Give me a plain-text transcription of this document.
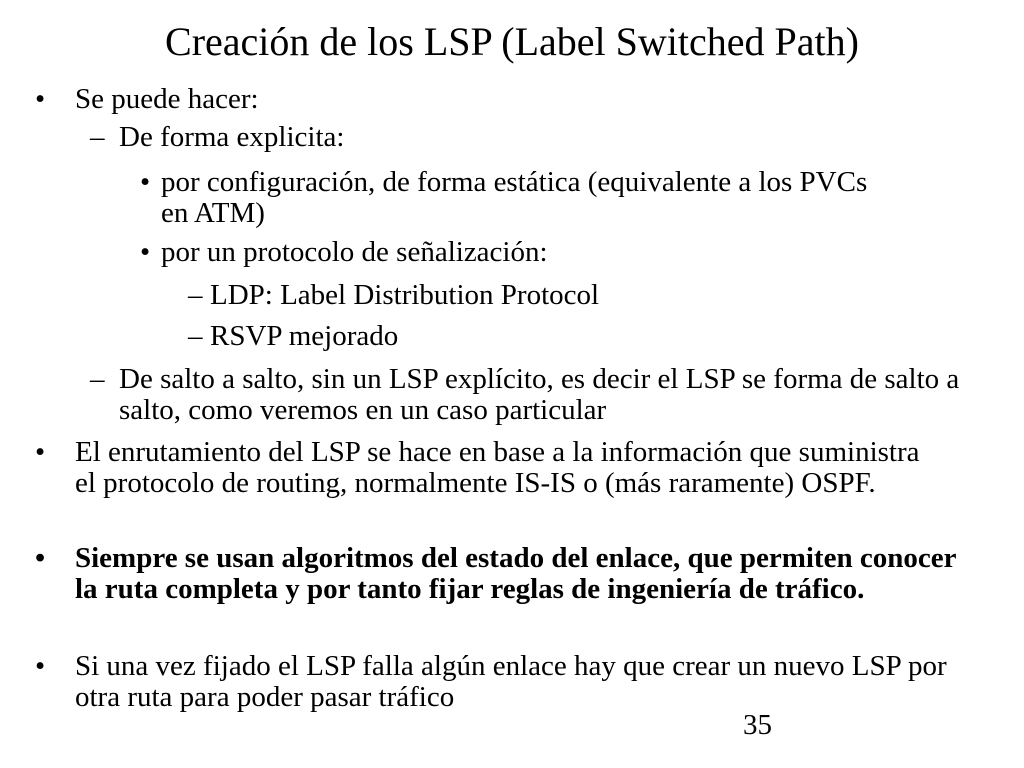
Creación de los LSP (Label Switched Path)
• Se puede hacer:
– De forma explicita:
• por configuración, de forma estática (equivalente a los PVCs en ATM)
• por un protocolo de señalización:
– LDP: Label Distribution Protocol
– RSVP mejorado
– De salto a salto, sin un LSP explícito, es decir el LSP se forma de salto a salto, como veremos en un caso particular
• El enrutamiento del LSP se hace en base a la información que suministra el protocolo de routing, normalmente IS-IS o (más raramente) OSPF.
• Siempre se usan algoritmos del estado del enlace, que permiten conocer la ruta completa y por tanto fijar reglas de ingeniería de tráfico.
• Si una vez fijado el LSP falla algún enlace hay que crear un nuevo LSP por otra ruta para poder pasar tráfico
35
